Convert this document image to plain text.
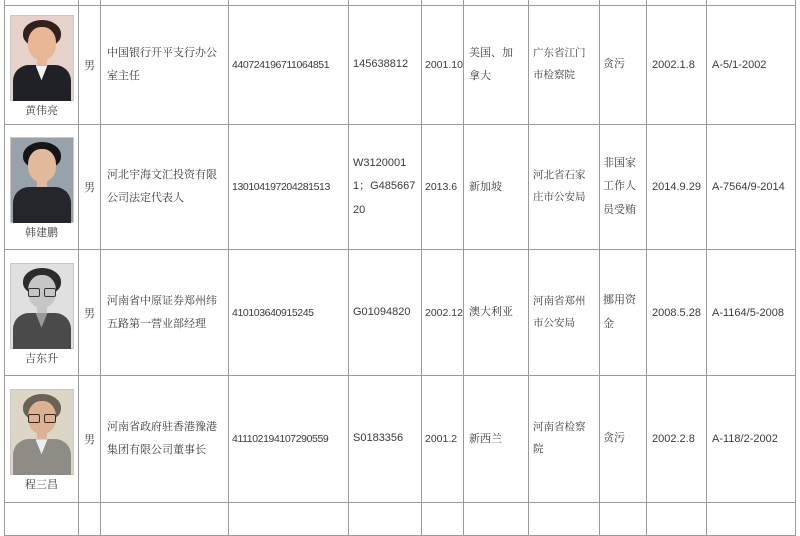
黄伟亮	男	中国银行开平支行办公室主任	440724196711064851	145638812	2001.10	美国、加拿大	广东省江门市检察院	贪污	2002.1.8	A-5/1-2002

韩建鹏	男	河北宇海文汇投资有限公司法定代表人	130104197204281513	W31200011；G48566720	2013.6	新加坡	河北省石家庄市公安局	非国家工作人员受贿	2014.9.29	A-7564/9-2014

吉东升	男	河南省中原证券郑州纬五路第一营业部经理	410103640915245	G01094820	2002.12	澳大利亚	河南省郑州市公安局	挪用资金	2008.5.28	A-1164/5-2008

程三昌	男	河南省政府驻香港豫港集团有限公司董事长	411102194107290559	S0183356	2001.2	新西兰	河南省检察院	贪污	2002.2.8	A-118/2-2002
